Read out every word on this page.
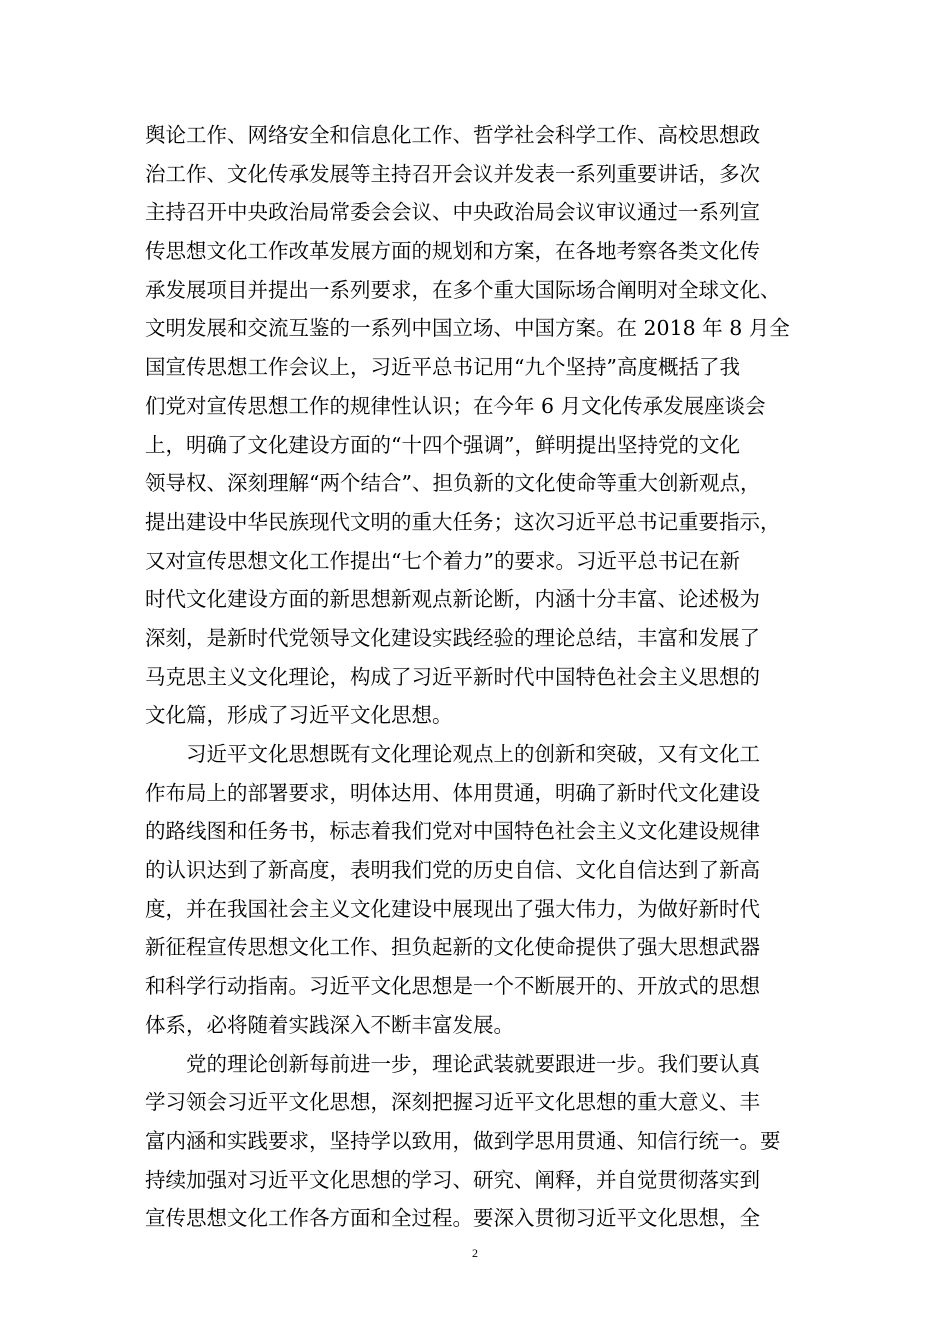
舆论工作、网络安全和信息化工作、哲学社会科学工作、高校思想政
治工作、文化传承发展等主持召开会议并发表一系列重要讲话，多次
主持召开中央政治局常委会会议、中央政治局会议审议通过一系列宣
传思想文化工作改革发展方面的规划和方案，在各地考察各类文化传
承发展项目并提出一系列要求，在多个重大国际场合阐明对全球文化、
文明发展和交流互鉴的一系列中国立场、中国方案。在 2018 年 8 月全
国宣传思想工作会议上，习近平总书记用“九个坚持”高度概括了我
们党对宣传思想工作的规律性认识；在今年 6 月文化传承发展座谈会
上，明确了文化建设方面的“十四个强调”，鲜明提出坚持党的文化
领导权、深刻理解“两个结合”、担负新的文化使命等重大创新观点，
提出建设中华民族现代文明的重大任务；这次习近平总书记重要指示，
又对宣传思想文化工作提出“七个着力”的要求。习近平总书记在新
时代文化建设方面的新思想新观点新论断，内涵十分丰富、论述极为
深刻，是新时代党领导文化建设实践经验的理论总结，丰富和发展了
马克思主义文化理论，构成了习近平新时代中国特色社会主义思想的
文化篇，形成了习近平文化思想。
　　习近平文化思想既有文化理论观点上的创新和突破，又有文化工
作布局上的部署要求，明体达用、体用贯通，明确了新时代文化建设
的路线图和任务书，标志着我们党对中国特色社会主义文化建设规律
的认识达到了新高度，表明我们党的历史自信、文化自信达到了新高
度，并在我国社会主义文化建设中展现出了强大伟力，为做好新时代
新征程宣传思想文化工作、担负起新的文化使命提供了强大思想武器
和科学行动指南。习近平文化思想是一个不断展开的、开放式的思想
体系，必将随着实践深入不断丰富发展。
　　党的理论创新每前进一步，理论武装就要跟进一步。我们要认真
学习领会习近平文化思想，深刻把握习近平文化思想的重大意义、丰
富内涵和实践要求，坚持学以致用，做到学思用贯通、知信行统一。要
持续加强对习近平文化思想的学习、研究、阐释，并自觉贯彻落实到
宣传思想文化工作各方面和全过程。要深入贯彻习近平文化思想，全
2
